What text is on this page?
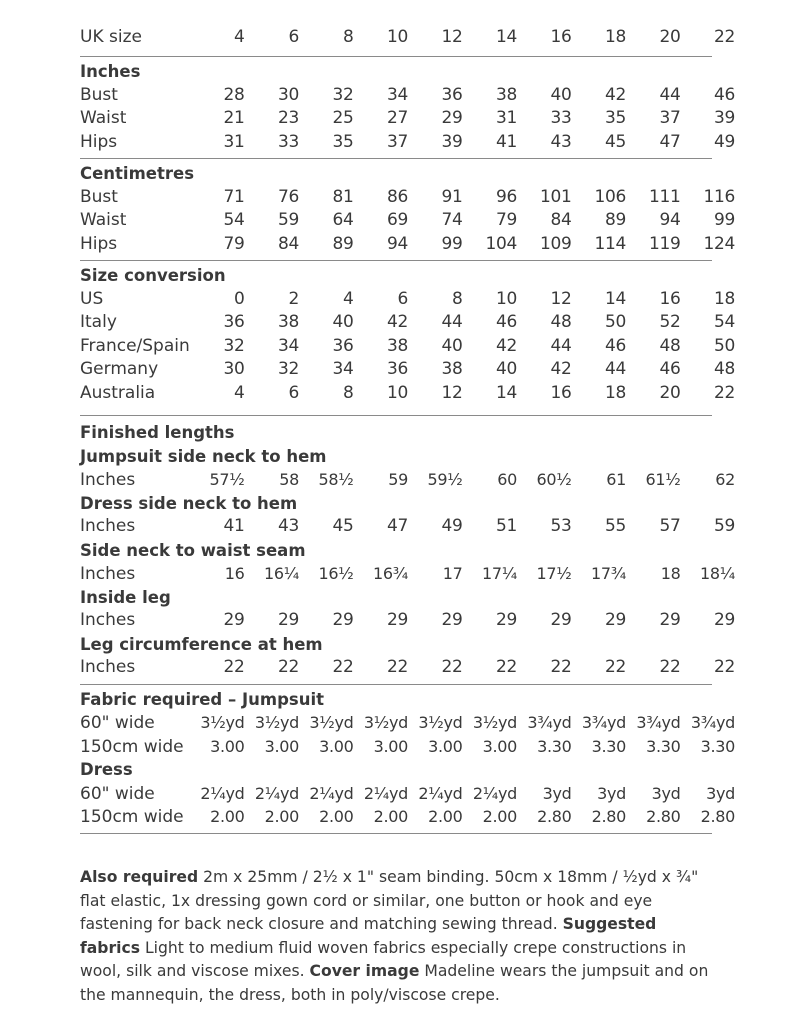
UK size	4	6	8	10	12	14	16	18	20	22
Inches
Bust	28	30	32	34	36	38	40	42	44	46
Waist	21	23	25	27	29	31	33	35	37	39
Hips	31	33	35	37	39	41	43	45	47	49
Centimetres
Bust	71	76	81	86	91	96	101	106	111	116
Waist	54	59	64	69	74	79	84	89	94	99
Hips	79	84	89	94	99	104	109	114	119	124
Size conversion
US	0	2	4	6	8	10	12	14	16	18
Italy	36	38	40	42	44	46	48	50	52	54
France/Spain	32	34	36	38	40	42	44	46	48	50
Germany	30	32	34	36	38	40	42	44	46	48
Australia	4	6	8	10	12	14	16	18	20	22
Finished lengths
Jumpsuit side neck to hem
Inches	57½	58	58½	59	59½	60	60½	61	61½	62
Dress side neck to hem
Inches	41	43	45	47	49	51	53	55	57	59
Side neck to waist seam
Inches	16	16¼	16½	16¾	17	17¼	17½	17¾	18	18¼
Inside leg
Inches	29	29	29	29	29	29	29	29	29	29
Leg circumference at hem
Inches	22	22	22	22	22	22	22	22	22	22
Fabric required – Jumpsuit
60" wide	3½yd 3½yd 3½yd 3½yd 3½yd 3½yd 3¾yd 3¾yd 3¾yd 3¾yd
150cm wide	3.00	3.00	3.00	3.00	3.00	3.00	3.30	3.30	3.30	3.30
Dress
60" wide	2¼yd 2¼yd 2¼yd 2¼yd 2¼yd 2¼yd	3yd	3yd	3yd	3yd
150cm wide	2.00	2.00	2.00	2.00	2.00	2.00	2.80	2.80	2.80	2.80
Also required 2m x 25mm / 2½ x 1" seam binding. 50cm x 18mm / ½yd x ¾" flat elastic, 1x dressing gown cord or similar, one button or hook and eye fastening for back neck closure and matching sewing thread. Suggested fabrics Light to medium fluid woven fabrics especially crepe constructions in wool, silk and viscose mixes. Cover image Madeline wears the jumpsuit and on the mannequin, the dress, both in poly/viscose crepe.
